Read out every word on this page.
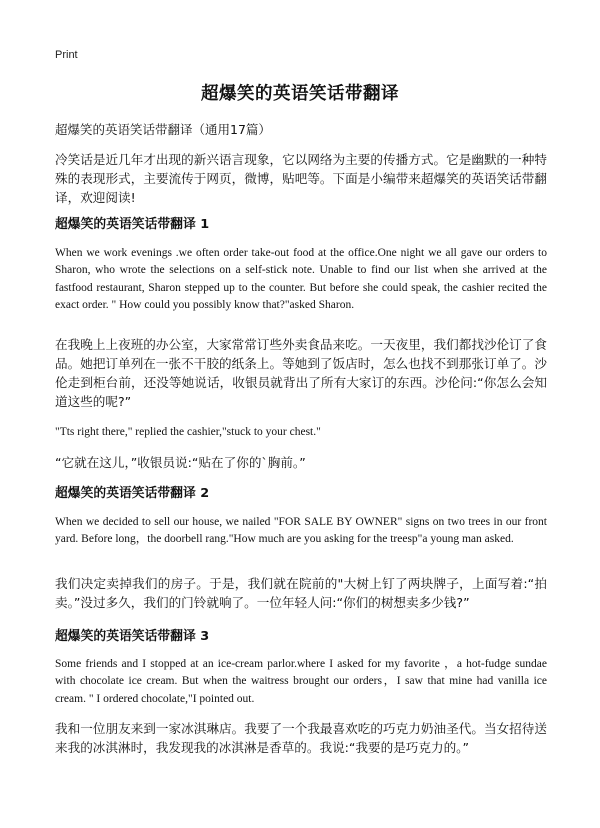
Print
超爆笑的英语笑话带翻译
超爆笑的英语笑话带翻译（通用17篇）
冷笑话是近几年才出现的新兴语言现象，它以网络为主要的传播方式。它是幽默的一种特殊的表现形式，主要流传于网页，微博，贴吧等。下面是小编带来超爆笑的英语笑话带翻译，欢迎阅读!
超爆笑的英语笑话带翻译 1
When we work evenings .we often order take-out food at the office.One night we all gave our orders to Sharon, who wrote the selections on a self-stick note. Unable to find our list when she arrived at the fastfood restaurant, Sharon stepped up to the counter. But before she could speak, the cashier recited the exact order. " How could you possibly know that?"asked Sharon.
在我晚上上夜班的办公室，大家常常订些外卖食品来吃。一天夜里，我们都找沙伦订了食品。她把订单列在一张不干胶的纸条上。等她到了饭店时，怎么也找不到那张订单了。沙伦走到柜台前，还没等她说话，收银员就背出了所有大家订的东西。沙伦问:“你怎么会知道这些的呢?”
"Tts right there," replied the cashier,"stuck to your chest."
“它就在这儿，”收银员说:“贴在了你的`胸前。”
超爆笑的英语笑话带翻译 2
When we decided to sell our house, we nailed "FOR SALE BY OWNER" signs on two trees in our front yard. Before long，the doorbell rang."How much are you asking for the treesp"a young man asked.
我们决定卖掉我们的房子。于是，我们就在院前的"大树上钉了两块牌子，上面写着:“拍卖。”没过多久，我们的门铃就响了。一位年轻人问:“你们的树想卖多少钱?”
超爆笑的英语笑话带翻译 3
Some friends and I stopped at an ice-cream parlor.where I asked for my favorite ，a hot-fudge sundae with chocolate ice cream. But when the waitress brought our orders，I saw that mine had vanilla ice cream. " I ordered chocolate,"I pointed out.
我和一位朋友来到一家冰淇琳店。我要了一个我最喜欢吃的巧克力奶油圣代。当女招待送来我的冰淇淋时，我发现我的冰淇淋是香草的。我说:“我要的是巧克力的。”
